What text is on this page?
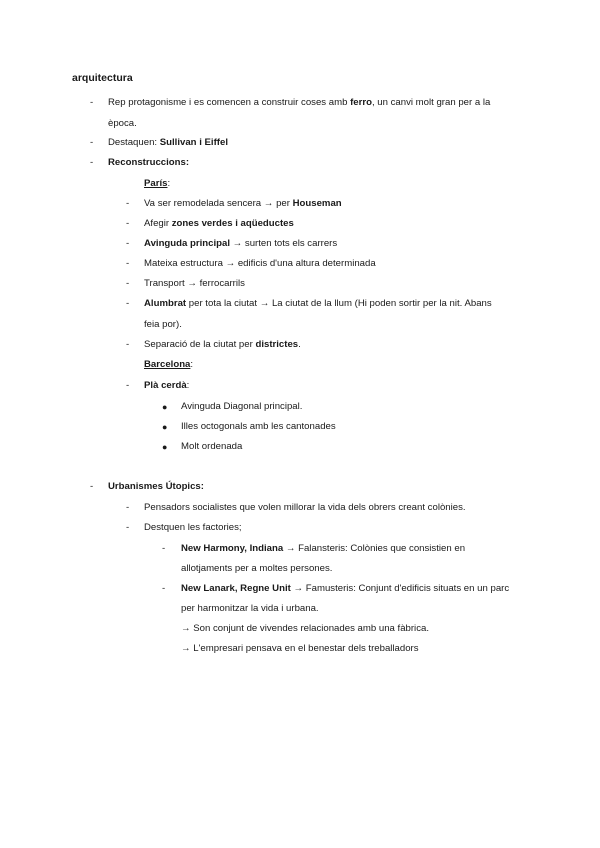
arquitectura
- Rep protagonisme i es comencen a construir coses amb ferro, un canvi molt gran per a la
època.
- Destaquen: Sullivan i Eiffel
- Reconstruccions:
París:
- Va ser remodelada sencera → per Houseman
- Afegir zones verdes i aqüeductes
- Avinguda principal → surten tots els carrers
- Mateixa estructura → edificis d'una altura determinada
- Transport → ferrocarrils
- Alumbrat per tota la ciutat → La ciutat de la llum (Hi poden sortir per la nit. Abans
feia por).
- Separació de la ciutat per districtes.
Barcelona:
- Plà cerdà:
● Avinguda Diagonal principal.
● Illes octogonals amb les cantonades
● Molt ordenada
- Urbanismes Útopics:
- Pensadors socialistes que volen millorar la vida dels obrers creant colònies.
- Destquen les factories;
- New Harmony, Indiana → Falansteris: Colònies que consistien en
allotjaments per a moltes persones.
- New Lanark, Regne Unit → Famusteris: Conjunt d'edificis situats en un parc
per harmonitzar la vida i urbana.
→ Son conjunt de vivendes relacionades amb una fàbrica.
→ L'empresari pensava en el benestar dels treballadors
